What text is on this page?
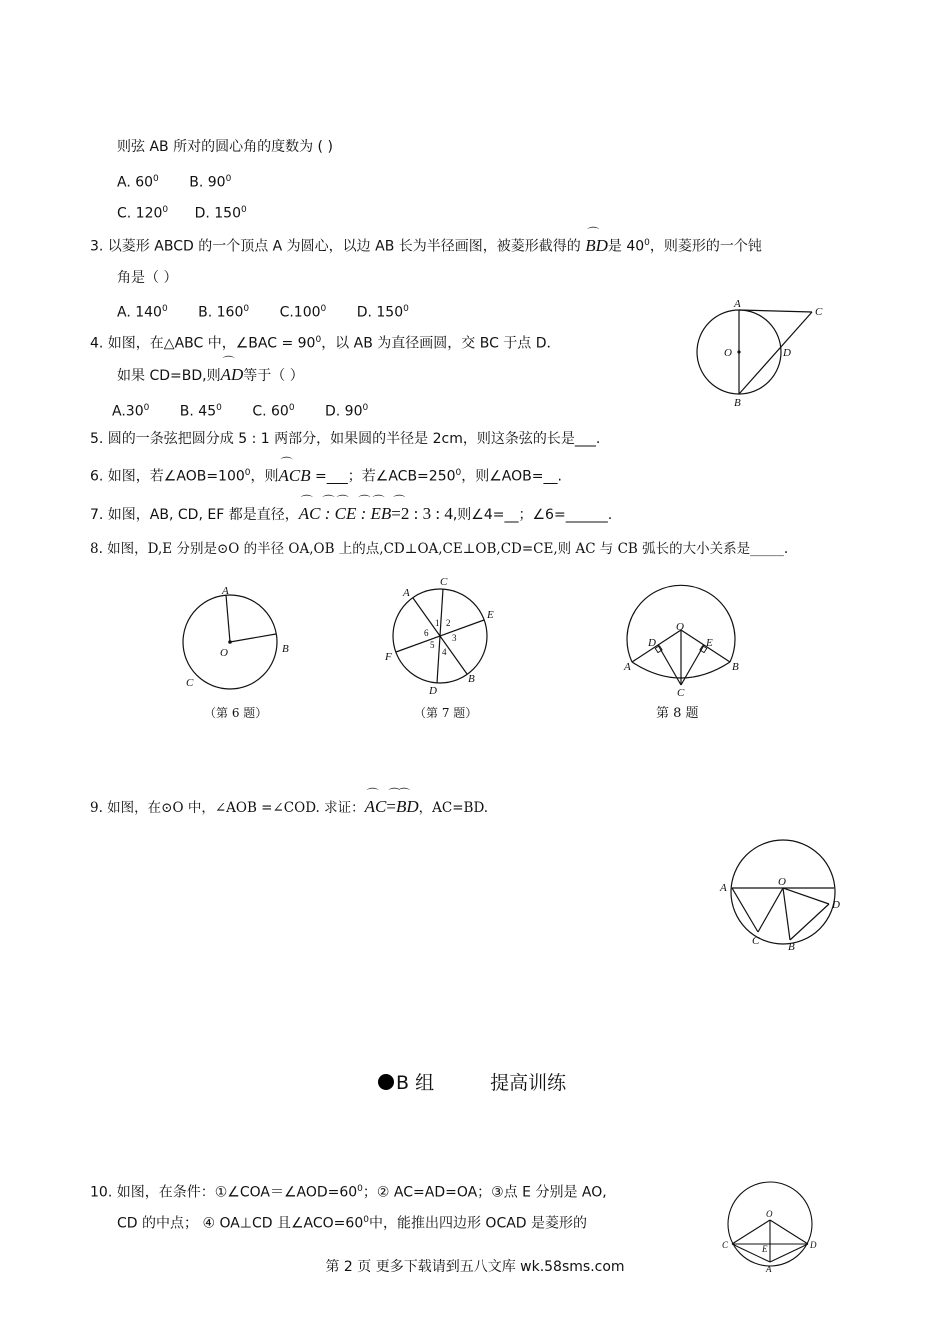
则弦 AB 所对的圆心角的度数为 ( )
A. $60^0$ B. $90^0$
C. $120^0$ D. $150^0$
3. 以菱形 ABCD 的一个顶点 A 为圆心，以边 AB 长为半径画图，被菱形截得的 ⌒ BD是 $40^0$，则菱形的一个钝
角是（ ）
A. $140^0$ B. $160^0$ C.100$^0$ D. $150^0$
4. 如图，在△ABC 中，∠BAC = $90^0$，以 AB 为直径画圆，交 BC 于点 D．
如果 CD=BD,则⌒ AD等于（ ）
$A.30^0$ B. $45^0$ C. $60^0$ D. $90^0$
A
C
O	D
B
5. 圆的一条弦把圆分成 5 : 1 两部分，如果圆的半径是 2cm，则这条弦的长是___.
6. 如图，若$\angle AOB=100^0$，则⌒ ACB =___；若$\angle ACB=250^0$，则∠AOB=__.
7. 如图，AB, CD, EF 都是直径，⌒ AC⌒ : ⌒ CE⌒ : ⌒ EB⌒ =2 : 3 : 4,则∠4=__；∠6=______.
8. 如图，D,E 分别是⊙O 的半径 OA,OB 上的点,CD⊥OA,CE⊥OB,CD=CE,则 AC 与 CB 弧长的大小关系是_____.
A
O	B
C
（第 6 题）
C
A
E
F
D
B
1 2
3
4
5
6
（第 7 题）
O
D	E
A	B
C
第 8 题
9. 如图，在⊙O 中，∠AOB =∠COD. 求证：⌒ AC⌒ =⌒ BD，AC=BD.
A	O
D
C	B
B 组	提高训练
10. 如图，在条件：$①\angle COA=\angle AOD=60^0$；② AC=AD=OA；③点 E 分别是 AO,
CD 的中点； ④ OA⊥CD 且$\angle ACO=60^0$中，能推出四边形 OCAD 是菱形的
O
C	E	D
A
第 2 页 更多下载请到五八文库 wk.58sms.com
